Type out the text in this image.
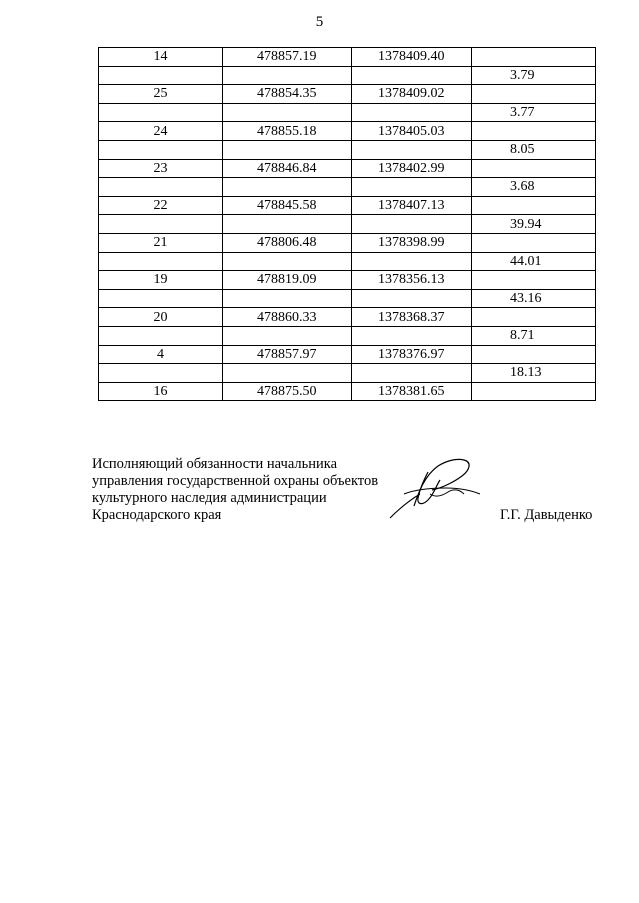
5
14	478857.19	1378409.40	
			3.79
25	478854.35	1378409.02	
			3.77
24	478855.18	1378405.03	
			8.05
23	478846.84	1378402.99	
			3.68
22	478845.58	1378407.13	
			39.94
21	478806.48	1378398.99	
			44.01
19	478819.09	1378356.13	
			43.16
20	478860.33	1378368.37	
			8.71
4	478857.97	1378376.97	
			18.13
16	478875.50	1378381.65	
Исполняющий обязанности начальника
управления государственной охраны объектов
культурного наследия администрации
Краснодарского края	Г.Г. Давыденко
